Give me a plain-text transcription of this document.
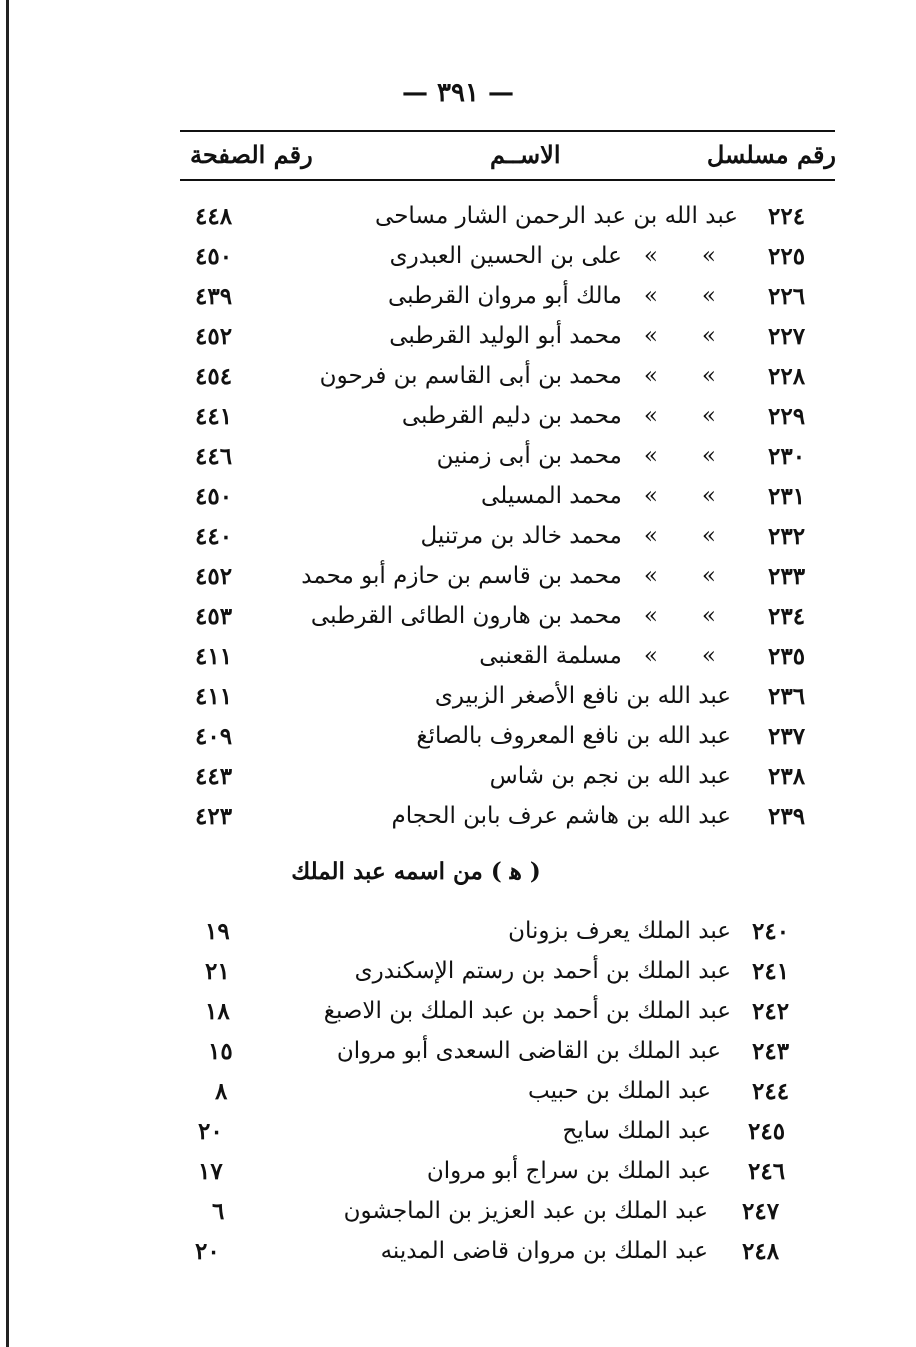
— ٣٩١ —
رقم مسلسل
الاســم
رقم الصفحة
٢٢٤
عبد الله بن عبد الرحمن الشار مساحى
٤٤٨
٢٢٥
»»على بن الحسين العبدرى
٤٥٠
٢٢٦
»»مالك أبو مروان القرطبى
٤٣٩
٢٢٧
»»محمد أبو الوليد القرطبى
٤٥٢
٢٢٨
»»محمد بن أبى القاسم بن فرحون
٤٥٤
٢٢٩
»»محمد بن دليم القرطبى
٤٤١
٢٣٠
»»محمد بن أبى زمنين
٤٤٦
٢٣١
»»محمد المسيلى
٤٥٠
٢٣٢
»»محمد خالد بن مرتنيل
٤٤٠
٢٣٣
»»محمد بن قاسم بن حازم أبو محمد
٤٥٢
٢٣٤
»»محمد بن هارون الطائى القرطبى
٤٥٣
٢٣٥
»»مسلمة القعنبى
٤١١
٢٣٦
عبد الله بن نافع الأصغر الزبيرى
٤١١
٢٣٧
عبد الله بن نافع المعروف بالصائغ
٤٠٩
٢٣٨
عبد الله بن نجم بن شاس
٤٤٣
٢٣٩
عبد الله بن هاشم عرف بابن الحجام
٤٢٣
( ﻫ ) من اسمه عبد الملك
٢٤٠
عبد الملك يعرف بزونان
١٩
٢٤١
عبد الملك بن أحمد بن رستم الإسكندرى
٢١
٢٤٢
عبد الملك بن أحمد بن عبد الملك بن الاصبغ
١٨
٢٤٣
عبد الملك بن القاضى السعدى أبو مروان
١٥
٢٤٤
عبد الملك بن حبيب
٨
٢٤٥
عبد الملك سايح
٢٠
٢٤٦
عبد الملك بن سراج أبو مروان
١٧
٢٤٧
عبد الملك بن عبد العزيز بن الماجشون
٦
٢٤٨
عبد الملك بن مروان قاضى المدينه
٢٠
